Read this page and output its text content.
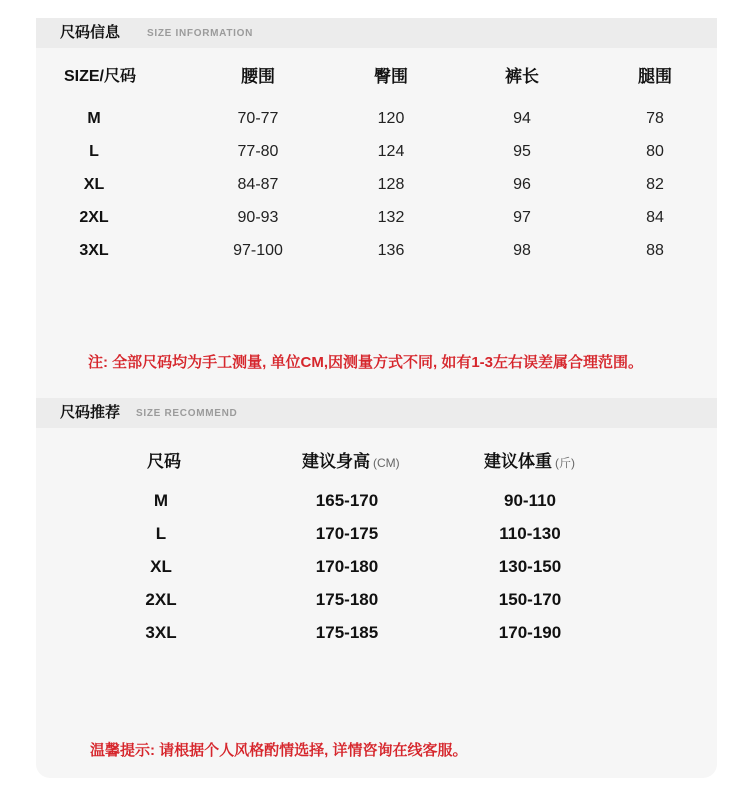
尺码信息	SIZE INFORMATION
SIZE/尺码	腰围	臀围	裤长	腿围
M	70-77	120	94	78
L	77-80	124	95	80
XL	84-87	128	96	82
2XL	90-93	132	97	84
3XL	97-100	136	98	88
注: 全部尺码均为手工测量, 单位CM,因测量方式不同, 如有1-3左右误差属合理范围。
尺码推荐 SIZE RECOMMEND
尺码	建议身高 (CM)	建议体重 (斤)
M	165-170	90-110
L	170-175	110-130
XL	170-180	130-150
2XL	175-180	150-170
3XL	175-185	170-190
温馨提示: 请根据个人风格酌情选择, 详情咨询在线客服。
